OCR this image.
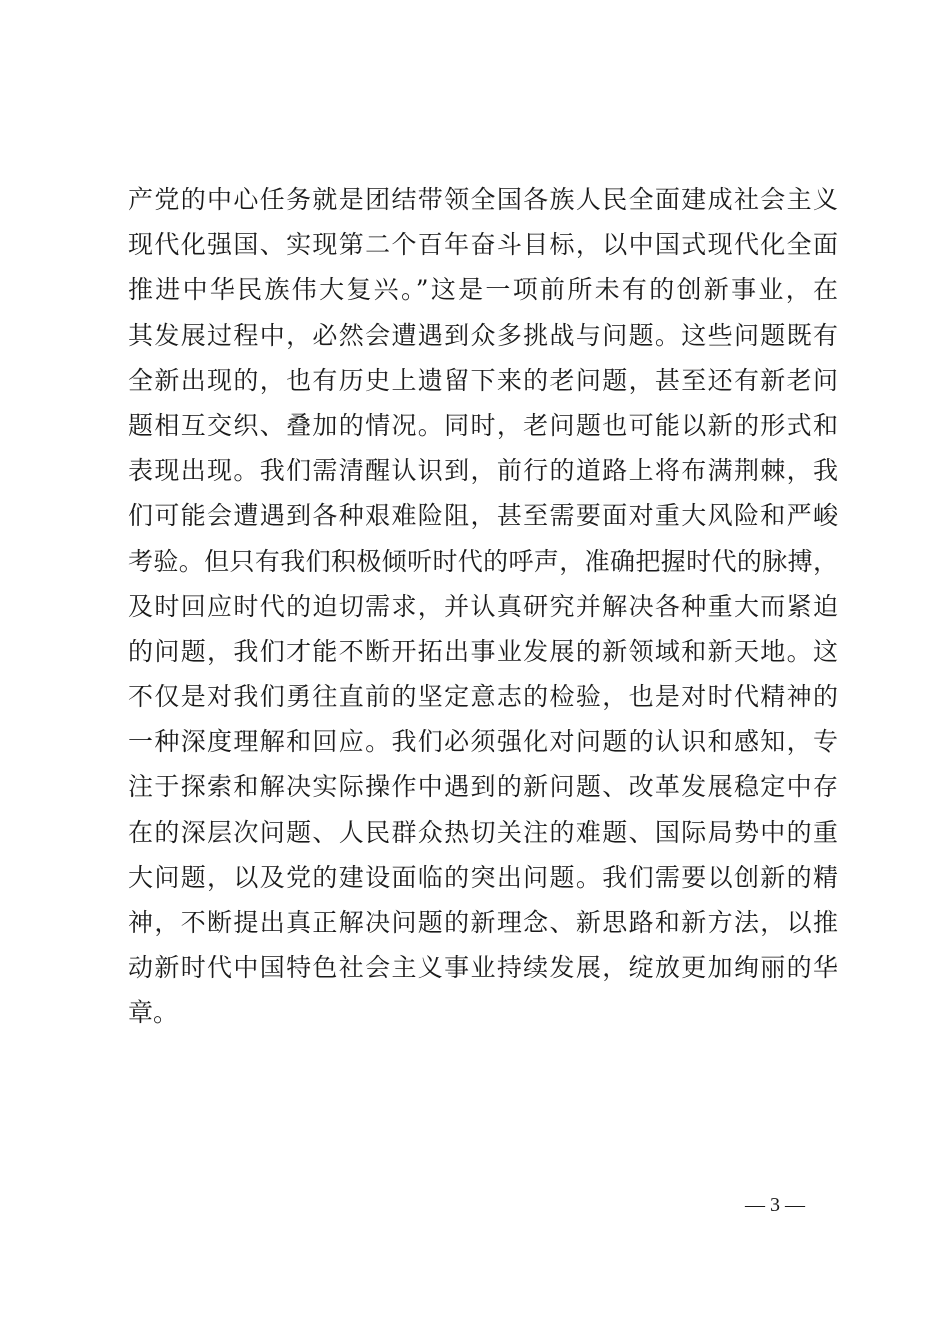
产党的中心任务就是团结带领全国各族人民全面建成社会主义
现代化强国、实现第二个百年奋斗目标，以中国式现代化全面
推进中华民族伟大复兴。”这是一项前所未有的创新事业，在
其发展过程中，必然会遭遇到众多挑战与问题。这些问题既有
全新出现的，也有历史上遗留下来的老问题，甚至还有新老问
题相互交织、叠加的情况。同时，老问题也可能以新的形式和
表现出现。我们需清醒认识到，前行的道路上将布满荆棘，我
们可能会遭遇到各种艰难险阻，甚至需要面对重大风险和严峻
考验。但只有我们积极倾听时代的呼声，准确把握时代的脉搏，
及时回应时代的迫切需求，并认真研究并解决各种重大而紧迫
的问题，我们才能不断开拓出事业发展的新领域和新天地。这
不仅是对我们勇往直前的坚定意志的检验，也是对时代精神的
一种深度理解和回应。我们必须强化对问题的认识和感知，专
注于探索和解决实际操作中遇到的新问题、改革发展稳定中存
在的深层次问题、人民群众热切关注的难题、国际局势中的重
大问题，以及党的建设面临的突出问题。我们需要以创新的精
神，不断提出真正解决问题的新理念、新思路和新方法，以推
动新时代中国特色社会主义事业持续发展，绽放更加绚丽的华
章。
— 3 —
